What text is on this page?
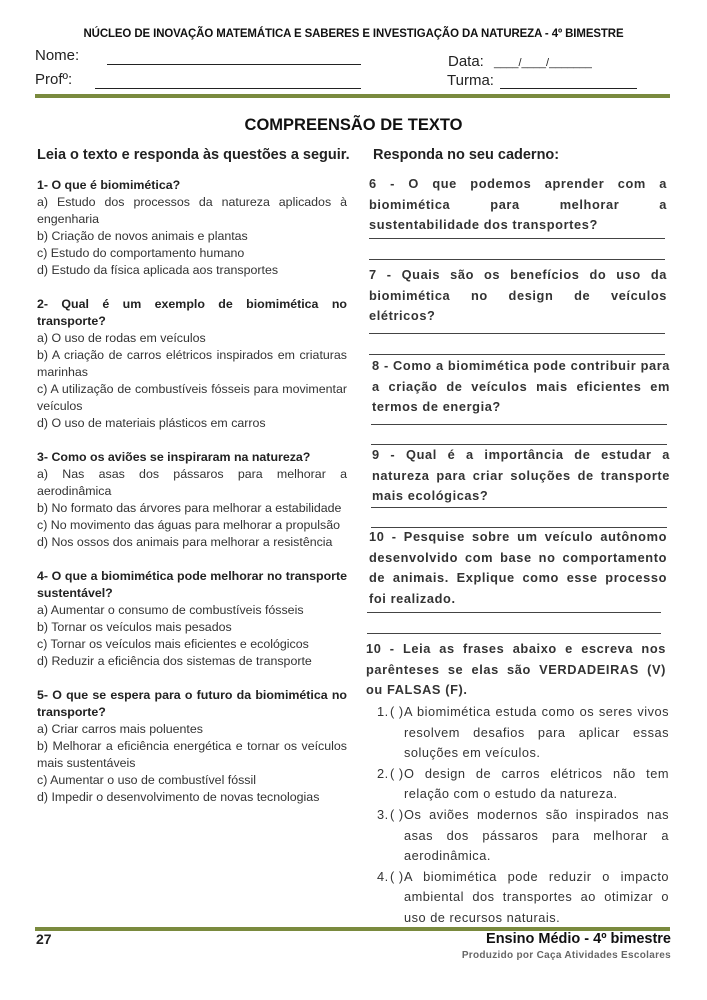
NÚCLEO DE INOVAÇÃO MATEMÁTICA E SABERES E INVESTIGAÇÃO DA NATUREZA - 4º BIMESTRE
Nome:
Profº:
Data: ____/____/_______
Turma:
COMPREENSÃO DE TEXTO
Leia o texto e responda às questões a seguir. Responda no seu caderno:
1- O que é biomimética?
a) Estudo dos processos da natureza aplicados à engenharia
b) Criação de novos animais e plantas
c) Estudo do comportamento humano
d) Estudo da física aplicada aos transportes
2- Qual é um exemplo de biomimética no transporte?
a) O uso de rodas em veículos
b) A criação de carros elétricos inspirados em criaturas marinhas
c) A utilização de combustíveis fósseis para movimentar veículos
d) O uso de materiais plásticos em carros
3- Como os aviões se inspiraram na natureza?
a) Nas asas dos pássaros para melhorar a aerodinâmica
b) No formato das árvores para melhorar a estabilidade
c) No movimento das águas para melhorar a propulsão
d) Nos ossos dos animais para melhorar a resistência
4- O que a biomimética pode melhorar no transporte sustentável?
a) Aumentar o consumo de combustíveis fósseis
b) Tornar os veículos mais pesados
c) Tornar os veículos mais eficientes e ecológicos
d) Reduzir a eficiência dos sistemas de transporte
5- O que se espera para o futuro da biomimética no transporte?
a) Criar carros mais poluentes
b) Melhorar a eficiência energética e tornar os veículos mais sustentáveis
c) Aumentar o uso de combustível fóssil
d) Impedir o desenvolvimento de novas tecnologias
6 - O que podemos aprender com a biomimética para melhorar a sustentabilidade dos transportes?
7 - Quais são os benefícios do uso da biomimética no design de veículos elétricos?
8 - Como a biomimética pode contribuir para a criação de veículos mais eficientes em termos de energia?
9 - Qual é a importância de estudar a natureza para criar soluções de transporte mais ecológicas?
10 - Pesquise sobre um veículo autônomo desenvolvido com base no comportamento de animais. Explique como esse processo foi realizado.
10 - Leia as frases abaixo e escreva nos parênteses se elas são VERDADEIRAS (V) ou FALSAS (F).
1. ( ) A biomimética estuda como os seres vivos resolvem desafios para aplicar essas soluções em veículos.
2. ( ) O design de carros elétricos não tem relação com o estudo da natureza.
3. ( ) Os aviões modernos são inspirados nas asas dos pássaros para melhorar a aerodinâmica.
4. ( ) A biomimética pode reduzir o impacto ambiental dos transportes ao otimizar o uso de recursos naturais.
27	Ensino Médio - 4º bimestre
Produzido por Caça Atividades Escolares
